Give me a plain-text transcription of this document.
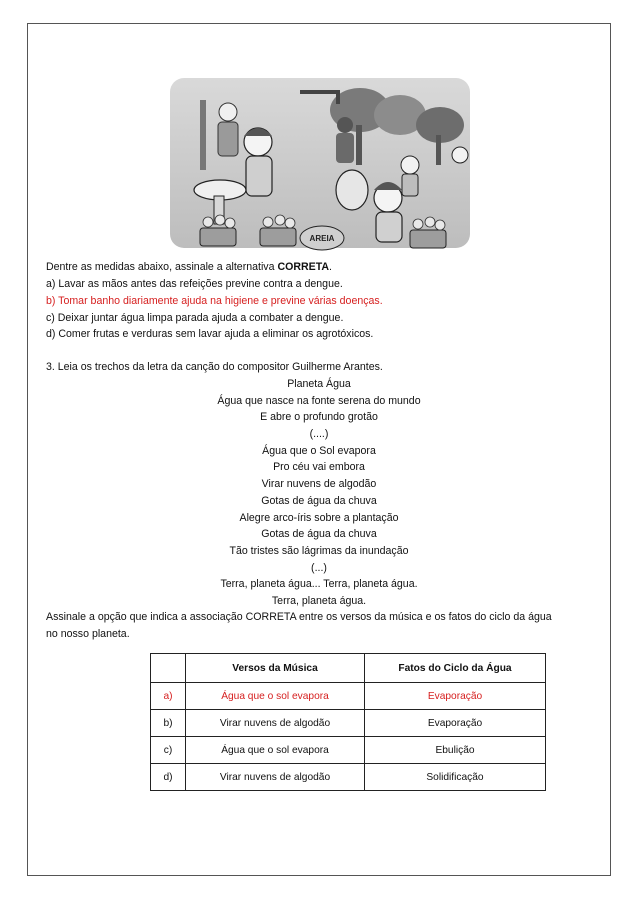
AREIA
Dentre as medidas abaixo, assinale a alternativa CORRETA.
a) Lavar as mãos antes das refeições previne contra a dengue.
b) Tomar banho diariamente ajuda na higiene e previne várias doenças.
c) Deixar juntar água limpa parada ajuda a combater a dengue.
d) Comer frutas e verduras sem lavar ajuda a eliminar os agrotóxicos.
3. Leia os trechos da letra da canção do compositor Guilherme Arantes.
Planeta Água
Água que nasce na fonte serena do mundo
E abre o profundo grotão
(....)
Água que o Sol evapora
Pro céu vai embora
Virar nuvens de algodão
Gotas de água da chuva
Alegre arco-íris sobre a plantação
Gotas de água da chuva
Tão tristes são lágrimas da inundação
(...)
Terra, planeta água... Terra, planeta água.
Terra, planeta água.
Assinale a opção que indica a associação CORRETA entre os versos da música e os fatos do ciclo da água
no nosso planeta.
	Versos da Música	Fatos do Ciclo da Água
a)	Água que o sol evapora	Evaporação
b)	Virar nuvens de algodão	Evaporação
c)	Água que o sol evapora	Ebulição
d)	Virar nuvens de algodão	Solidificação
